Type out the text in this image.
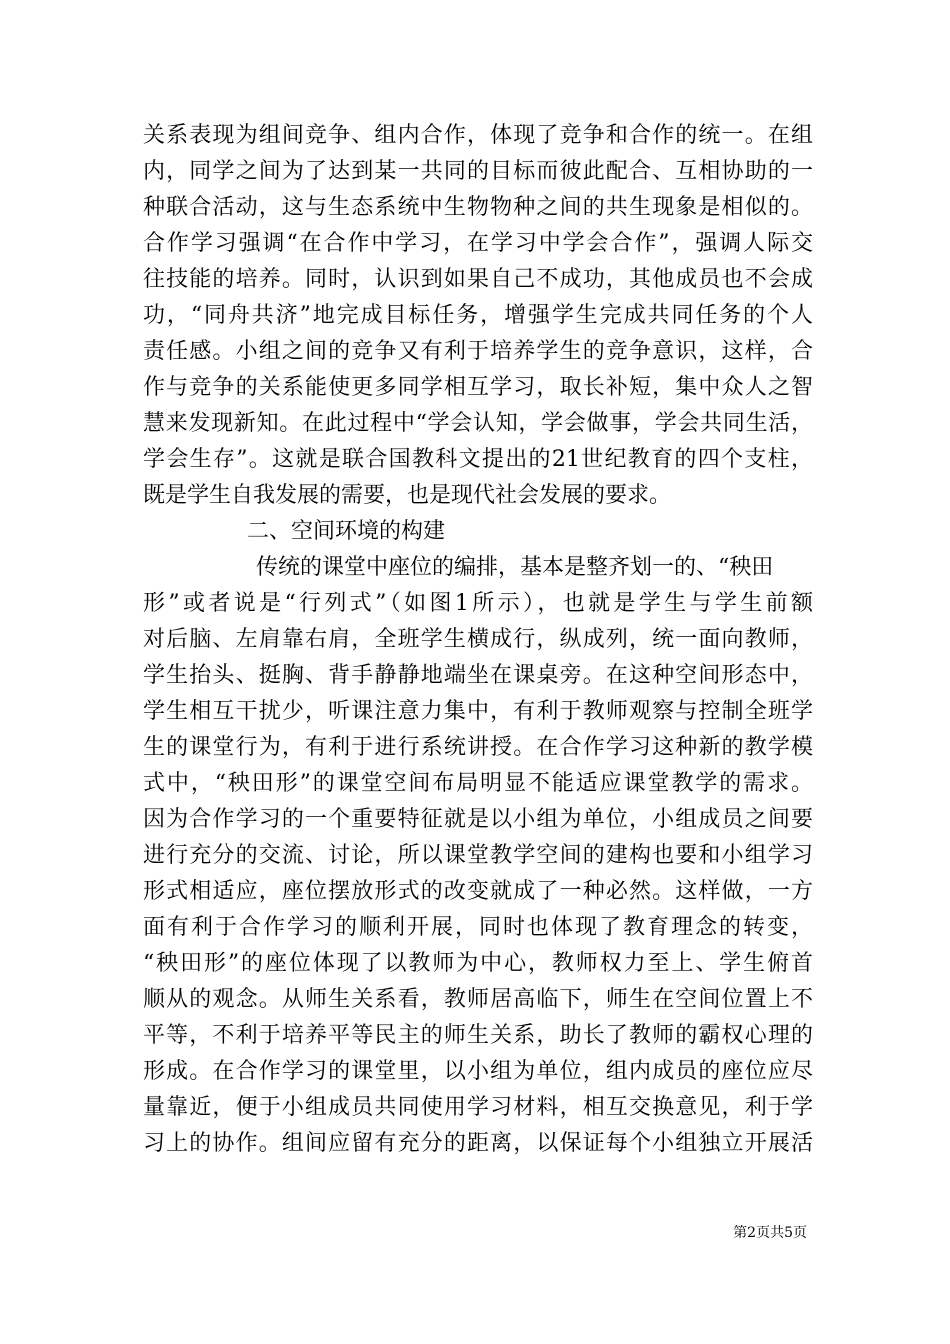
关系表现为组间竞争、组内合作，体现了竞争和合作的统一。在组
内，同学之间为了达到某一共同的目标而彼此配合、互相协助的一
种联合活动，这与生态系统中生物物种之间的共生现象是相似的。
合作学习强调“在合作中学习，在学习中学会合作”，强调人际交
往技能的培养。同时，认识到如果自己不成功，其他成员也不会成
功，“同舟共济”地完成目标任务，增强学生完成共同任务的个人
责任感。小组之间的竞争又有利于培养学生的竞争意识，这样，合
作与竞争的关系能使更多同学相互学习，取长补短，集中众人之智
慧来发现新知。在此过程中“学会认知，学会做事，学会共同生活，
学会生存”。这就是联合国教科文提出的21世纪教育的四个支柱，
既是学生自我发展的需要，也是现代社会发展的要求。
二、空间环境的构建
传统的课堂中座位的编排，基本是整齐划一的、“秧田
形”或者说是“行列式”（如图1所示），也就是学生与学生前额
对后脑、左肩靠右肩，全班学生横成行，纵成列，统一面向教师，
学生抬头、挺胸、背手静静地端坐在课桌旁。在这种空间形态中，
学生相互干扰少，听课注意力集中，有利于教师观察与控制全班学
生的课堂行为，有利于进行系统讲授。在合作学习这种新的教学模
式中，“秧田形”的课堂空间布局明显不能适应课堂教学的需求。
因为合作学习的一个重要特征就是以小组为单位，小组成员之间要
进行充分的交流、讨论，所以课堂教学空间的建构也要和小组学习
形式相适应，座位摆放形式的改变就成了一种必然。这样做，一方
面有利于合作学习的顺利开展，同时也体现了教育理念的转变，
“秧田形”的座位体现了以教师为中心，教师权力至上、学生俯首
顺从的观念。从师生关系看，教师居高临下，师生在空间位置上不
平等，不利于培养平等民主的师生关系，助长了教师的霸权心理的
形成。在合作学习的课堂里，以小组为单位，组内成员的座位应尽
量靠近，便于小组成员共同使用学习材料，相互交换意见，利于学
习上的协作。组间应留有充分的距离，以保证每个小组独立开展活
第2页共5页
